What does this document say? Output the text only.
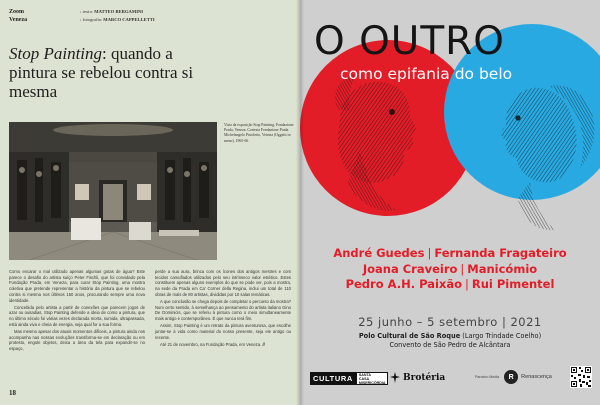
Zoom
Veneza
› texto: MATTEO BERGAMINI
› fotografia: MARCO CAPPELLETTI
Stop Painting: quando a pintura se rebelou contra si mesma
Vista da exposição Stop Painting, Fondazione Prada, Veneza. Cortesia Fondazione Prada. Michelangelo Pistoletto, Vetrina (Oggetti in meno), 1965-66

Como encarar o mal utilizado apenas algumas gotas de água? Este parece o desafio do artista suíço Peter Fischli, que foi convidado pela Fundação Prada, em Veneza, para curar Stop Painting, uma mostra coletiva que pretende representar a história da pintura que se rebelou contra si mesma nos últimos 150 anos, procurando sempre uma nova identidade.

Concebida pelo artista a partir de conexões que parecem jogos de azar ou ousadias, Stop Painting defende a ideia de como a pintura, que no último século foi várias vezes declarada morta, sumida, ultrapassada, está ainda viva e cheia de energia, seja qual for a sua forma.

Mas mesmo apesar dos atuais momentos difíceis, a pintura ainda nos acompanha nas nossas evoluções transforma-se em declaração ou em protesto, engole objetos, deixa a área da tela para expandir-se no espaço,

perde a sua aura, brinca com os ícones dos antigos mestres e com tecidos camuflados utilizados pelo seu intrínseco valor estético. Estes constituem apenas alguns exemplos do que se pode ver, pois a mostra, na sede da Prada em Ca' Corner della Regina, inclui um total de 110 obras de mais de 80 artistas, divididas por 10 salas temáticas.

A que conclusão se chega depois de completar o percurso da mostra? Num certo sentido, à semelhança ao pensamento do artista italiano Gino De Dominicis, que se referiu à pintura como o meio simultaneamente mais antigo e contemporâneo. É que nunca terá fim.

Assim, Stop Painting é um retrato da pintura aventurosa, que escolhe juntar-se à vida como material do nosso presente, seja ele antigo ou recente.

Até 21 de novembro, na Fundação Prada, em Veneza. //

18
O OUTRO
como epifania do belo
André Guedes | Fernanda Fragateiro
Joana Craveiro | Manicómio
Pedro A.H. Paixão | Rui Pimentel
25 junho – 5 setembro | 2021
Polo Cultural de São Roque (Largo Trindade Coelho)
Convento de São Pedro de Alcântara
CULTURA	SANTA
CASA
MISERICÓRDIA Brotéria	Parceiro Media	R	Renascença
